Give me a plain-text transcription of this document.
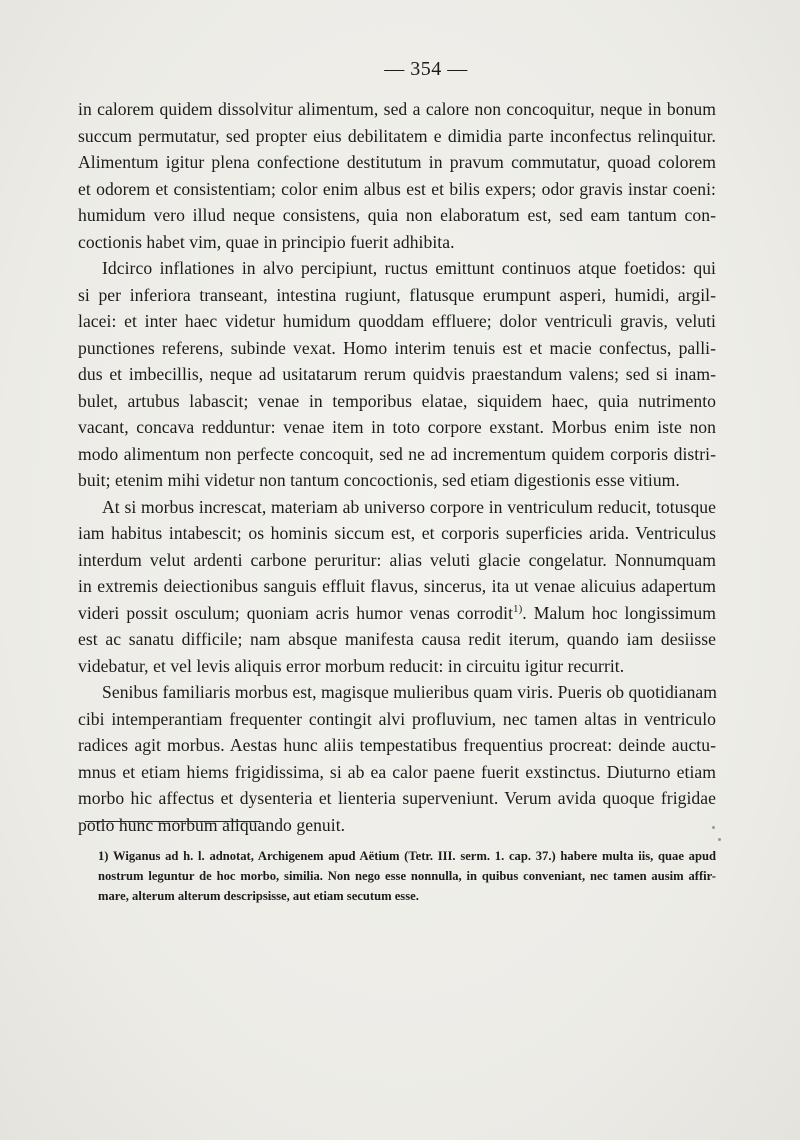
— 354 —
in calorem quidem dissolvitur alimentum, sed a calore non concoquitur, neque in bonum
succum permutatur, sed propter eius debilitatem e dimidia parte inconfectus relinquitur.
Alimentum igitur plena confectione destitutum in pravum commutatur, quoad colorem
et odorem et consistentiam; color enim albus est et bilis expers; odor gravis instar coeni:
humidum vero illud neque consistens, quia non elaboratum est, sed eam tantum con-
coctionis habet vim, quae in principio fuerit adhibita.
Idcirco inflationes in alvo percipiunt, ructus emittunt continuos atque foetidos: qui
si per inferiora transeant, intestina rugiunt, flatusque erumpunt asperi, humidi, argil-
lacei: et inter haec videtur humidum quoddam effluere; dolor ventriculi gravis, veluti
punctiones referens, subinde vexat. Homo interim tenuis est et macie confectus, palli-
dus et imbecillis, neque ad usitatarum rerum quidvis praestandum valens; sed si inam-
bulet, artubus labascit; venae in temporibus elatae, siquidem haec, quia nutrimento
vacant, concava redduntur: venae item in toto corpore exstant. Morbus enim iste non
modo alimentum non perfecte concoquit, sed ne ad incrementum quidem corporis distri-
buit; etenim mihi videtur non tantum concoctionis, sed etiam digestionis esse vitium.
At si morbus increscat, materiam ab universo corpore in ventriculum reducit, totusque
iam habitus intabescit; os hominis siccum est, et corporis superficies arida. Ventriculus
interdum velut ardenti carbone peruritur: alias veluti glacie congelatur. Nonnumquam
in extremis deiectionibus sanguis effluit flavus, sincerus, ita ut venae alicuius adapertum
videri possit osculum; quoniam acris humor venas corrodit$^{1)}$. Malum hoc longissimum
est ac sanatu difficile; nam absque manifesta causa redit iterum, quando iam desiisse
videbatur, et vel levis aliquis error morbum reducit: in circuitu igitur recurrit.
Senibus familiaris morbus est, magisque mulieribus quam viris. Pueris ob quotidianam
cibi intemperantiam frequenter contingit alvi profluvium, nec tamen altas in ventriculo
radices agit morbus. Aestas hunc aliis tempestatibus frequentius procreat: deinde auctu-
mnus et etiam hiems frigidissima, si ab ea calor paene fuerit exstinctus. Diuturno etiam
morbo hic affectus et dysenteria et lienteria superveniunt. Verum avida quoque frigidae
potio hunc morbum aliquando genuit.
1) Wiganus ad h. l. adnotat, Archigenem apud Aëtium (Tetr. III. serm. 1. cap. 37.) habere multa iis, quae apud
nostrum leguntur de hoc morbo, similia. Non nego esse nonnulla, in quibus conveniant, nec tamen ausim affir-
mare, alterum alterum descripsisse, aut etiam secutum esse.
